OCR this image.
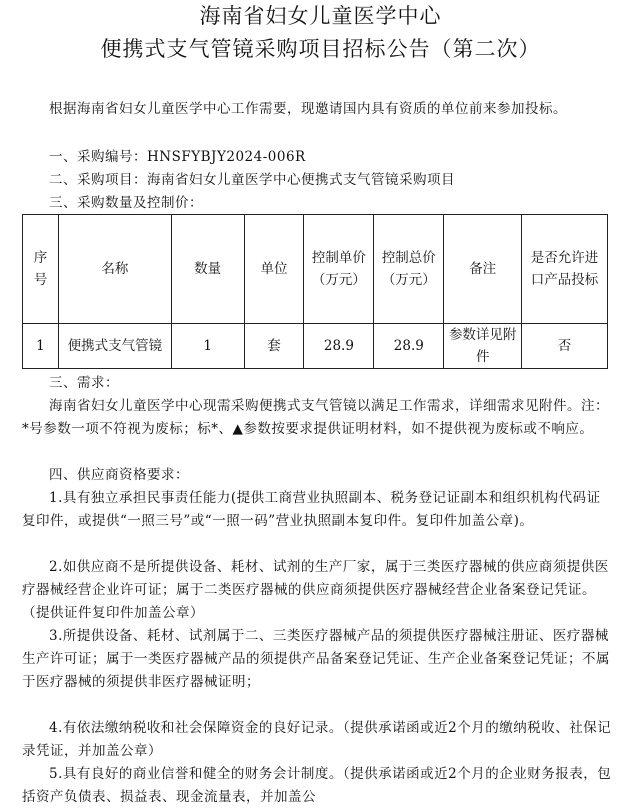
海南省妇女儿童医学中心
便携式支气管镜采购项目招标公告（第二次）
根据海南省妇女儿童医学中心工作需要，现邀请国内具有资质的单位前来参加投标。
一、采购编号：HNSFYBJY2024-006R
二、采购项目：海南省妇女儿童医学中心便携式支气管镜采购项目
三、采购数量及控制价：
序号	名称	数量	单位	控制单价（万元）	控制总价（万元）	备注	是否允许进口产品投标
1	便携式支气管镜	1	套	28.9	28.9	参数详见附件	否
三、需求：
海南省妇女儿童医学中心现需采购便携式支气管镜以满足工作需求，详细需求见附件。注：*号参数一项不符视为废标；标*、▲参数按要求提供证明材料，如不提供视为废标或不响应。
四、供应商资格要求：
1.具有独立承担民事责任能力(提供工商营业执照副本、税务登记证副本和组织机构代码证复印件，或提供“一照三号”或“一照一码”营业执照副本复印件。复印件加盖公章)。
2.如供应商不是所提供设备、耗材、试剂的生产厂家，属于三类医疗器械的供应商须提供医疗器械经营企业许可证；属于二类医疗器械的供应商须提供医疗器械经营企业备案登记凭证。（提供证件复印件加盖公章）
3.所提供设备、耗材、试剂属于二、三类医疗器械产品的须提供医疗器械注册证、医疗器械生产许可证；属于一类医疗器械产品的须提供产品备案登记凭证、生产企业备案登记凭证；不属于医疗器械的须提供非医疗器械证明；
4.有依法缴纳税收和社会保障资金的良好记录。（提供承诺函或近2个月的缴纳税收、社保记录凭证，并加盖公章）
5.具有良好的商业信誉和健全的财务会计制度。（提供承诺函或近2个月的企业财务报表，包括资产负债表、损益表、现金流量表，并加盖公
